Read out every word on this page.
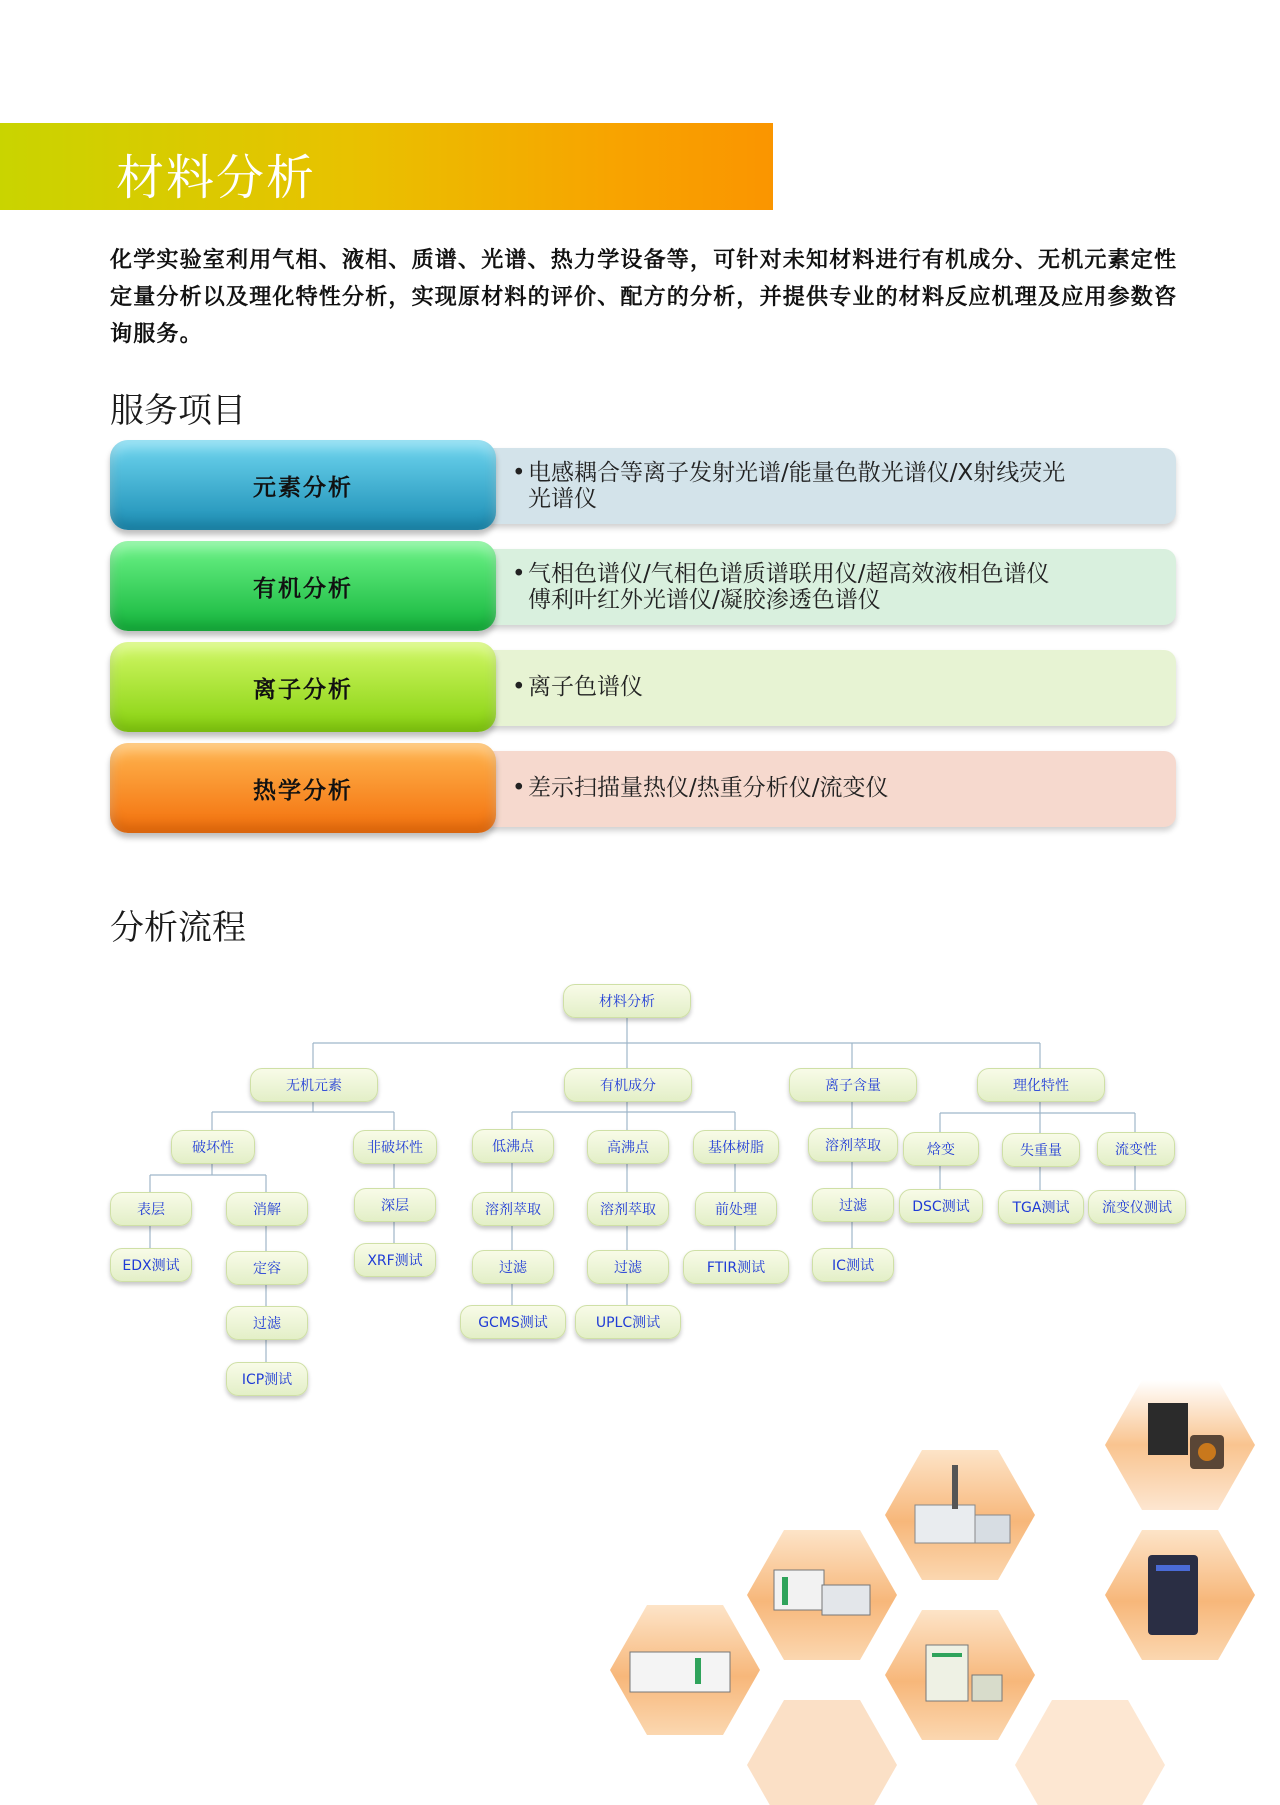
材料分析
化学实验室利用气相、液相、质谱、光谱、热力学设备等，可针对未知材料进行有机成分、无机元素定性定量分析以及理化特性分析，实现原材料的评价、配方的分析，并提供专业的材料反应机理及应用参数咨询服务。
服务项目
元素分析
• 电感耦合等离子发射光谱/能量色散光谱仪/X射线荧光
光谱仪
有机分析
• 气相色谱仪/气相色谱质谱联用仪/超高效液相色谱仪
傅利叶红外光谱仪/凝胶渗透色谱仪
离子分析	• 离子色谱仪
热学分析	• 差示扫描量热仪/热重分析仪/流变仪
分析流程
材料分析
无机元素	有机成分	离子含量	理化特性
破坏性	非破坏性
表层	消解
EDX测试	定容
过滤
ICP测试
深层
XRF测试
低沸点	高沸点	基体树脂
溶剂萃取	溶剂萃取	前处理
过滤	过滤	FTIR测试
GCMS测试	UPLC测试
溶剂萃取
过滤
IC测试
焓变	失重量	流变性
DSC测试	TGA测试	流变仪测试
